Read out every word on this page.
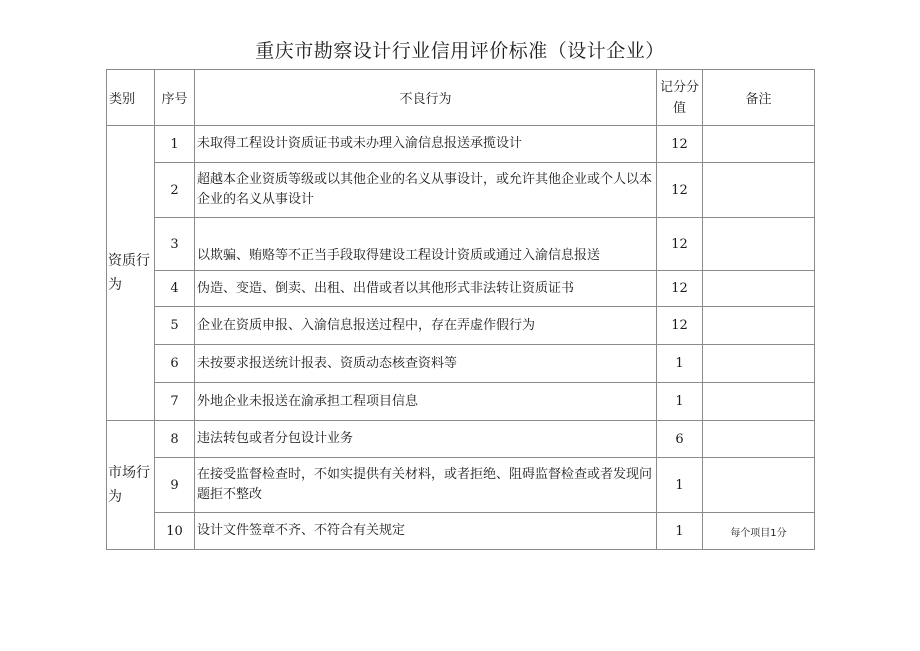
重庆市勘察设计行业信用评价标准（设计企业）
类别	序号	不良行为	记分分值	备注
资质行为	1	未取得工程设计资质证书或未办理入渝信息报送承揽设计	12	
	2	超越本企业资质等级或以其他企业的名义从事设计，或允许其他企业或个人以本企业的名义从事设计	12	
	3	以欺骗、贿赂等不正当手段取得建设工程设计资质或通过入渝信息报送	12	
	4	伪造、变造、倒卖、出租、出借或者以其他形式非法转让资质证书	12	
	5	企业在资质申报、入渝信息报送过程中，存在弄虚作假行为	12	
	6	未按要求报送统计报表、资质动态核查资料等	1	
	7	外地企业未报送在渝承担工程项目信息	1	
市场行为	8	违法转包或者分包设计业务	6	
	9	在接受监督检查时，不如实提供有关材料，或者拒绝、阻碍监督检查或者发现问题拒不整改	1	
	10	设计文件签章不齐、不符合有关规定	1	每个项目1分
